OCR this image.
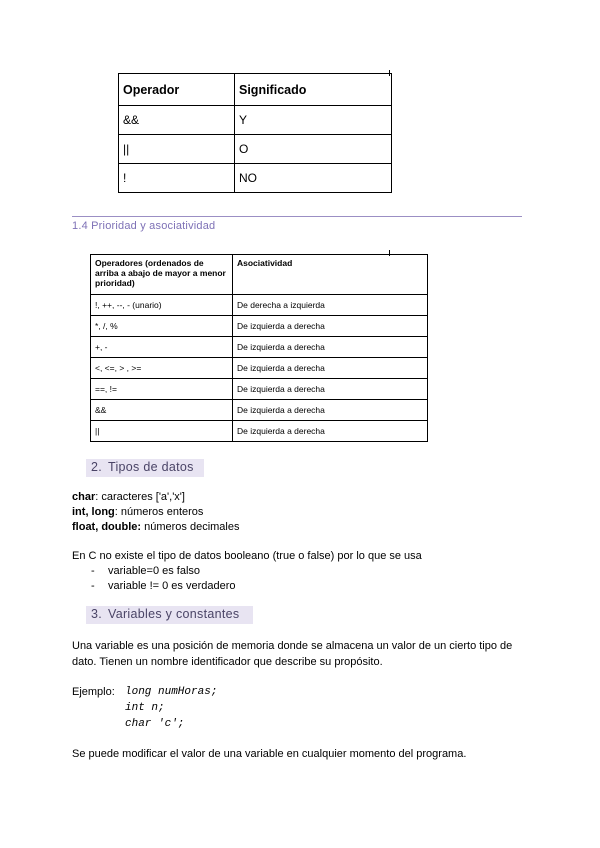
Operador	Significado
&&	Y
||	O
!	NO
1.4 Prioridad y asociatividad
Operadores (ordenados de arriba a abajo de mayor a menor prioridad)	Asociatividad
!, ++, --, - (unario)	De derecha a izquierda
*, /, %	De izquierda a derecha
+, -	De izquierda a derecha
<, <=, > , >=	De izquierda a derecha
==, !=	De izquierda a derecha
&&	De izquierda a derecha
||	De izquierda a derecha
2. Tipos de datos
char: caracteres ['a','x']
int, long: números enteros
float, double: números decimales
En C no existe el tipo de datos booleano (true o false) por lo que se usa
- variable=0 es falso
- variable != 0 es verdadero
3. Variables y constantes
Una variable es una posición de memoria donde se almacena un valor de un cierto tipo de
dato. Tienen un nombre identificador que describe su propósito.
Ejemplo: long numHoras;
int n;
char 'c';
Se puede modificar el valor de una variable en cualquier momento del programa.
